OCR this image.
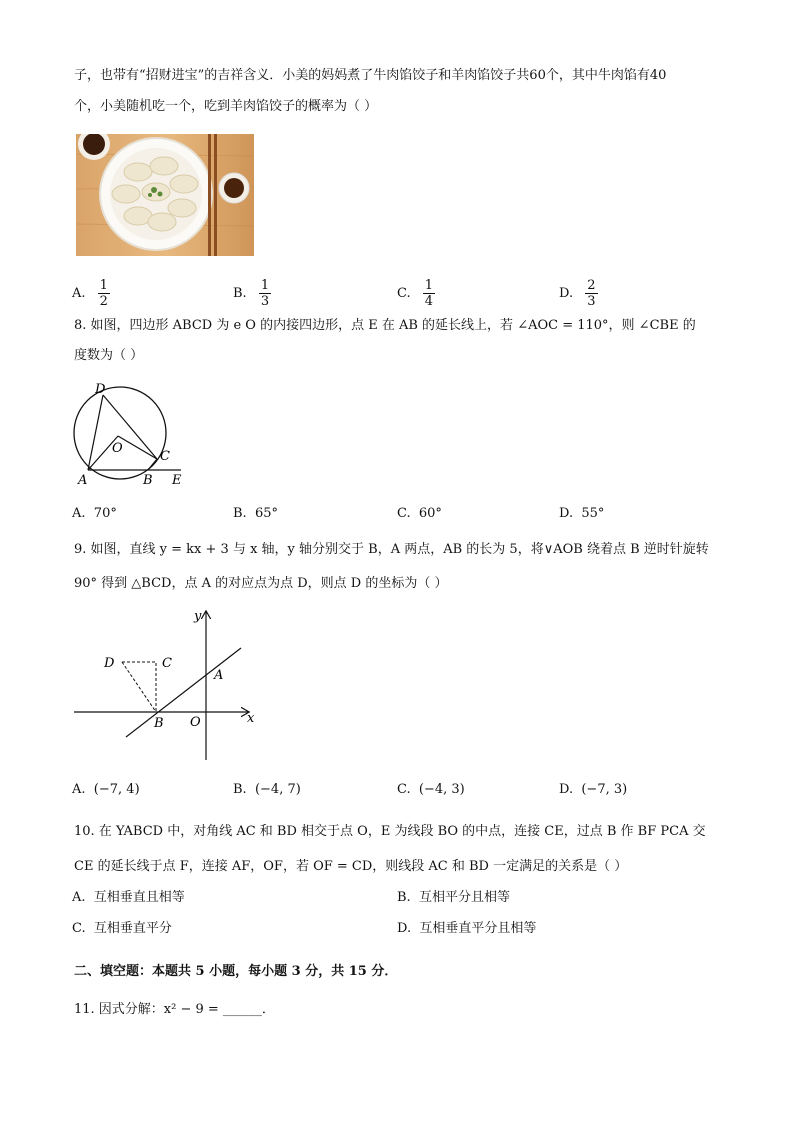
子，也带有“招财进宝”的吉祥含义．小美的妈妈煮了牛肉馅饺子和羊肉馅饺子共60个，其中牛肉馅有40
个，小美随机吃一个，吃到羊肉馅饺子的概率为（ ）
A. $\frac{1}{2}$	B. $\frac{1}{3}$	C. $\frac{1}{4}$	D. $\frac{2}{3}$
8. 如图，四边形 ABCD 为 e O 的内接四边形，点 E 在 AB 的延长线上，若 ∠AOC = 110°，则 ∠CBE 的
度数为（ ）
D
O
C
A	B E
A. 70°	B. 65°	C. 60°	D. 55°
9. 如图，直线 y = kx + 3 与 x 轴，y 轴分别交于 B，A 两点，AB 的长为 5，将∨AOB 绕着点 B 逆时针旋转
90° 得到 △BCD，点 A 的对应点为点 D，则点 D 的坐标为（ ）
y
D	C
A
B O	x
A. (−7, 4)	B. (−4, 7)	C. (−4, 3)	D. (−7, 3)
10. 在 YABCD 中，对角线 AC 和 BD 相交于点 O，E 为线段 BO 的中点，连接 CE，过点 B 作 BF PCA 交
CE 的延长线于点 F，连接 AF，OF，若 OF = CD，则线段 AC 和 BD 一定满足的关系是（ ）
A. 互相垂直且相等	B. 互相平分且相等
C. 互相垂直平分	D. 互相垂直平分且相等
二、填空题：本题共 5 小题，每小题 3 分，共 15 分．
11. 因式分解：x² − 9 = ______．
